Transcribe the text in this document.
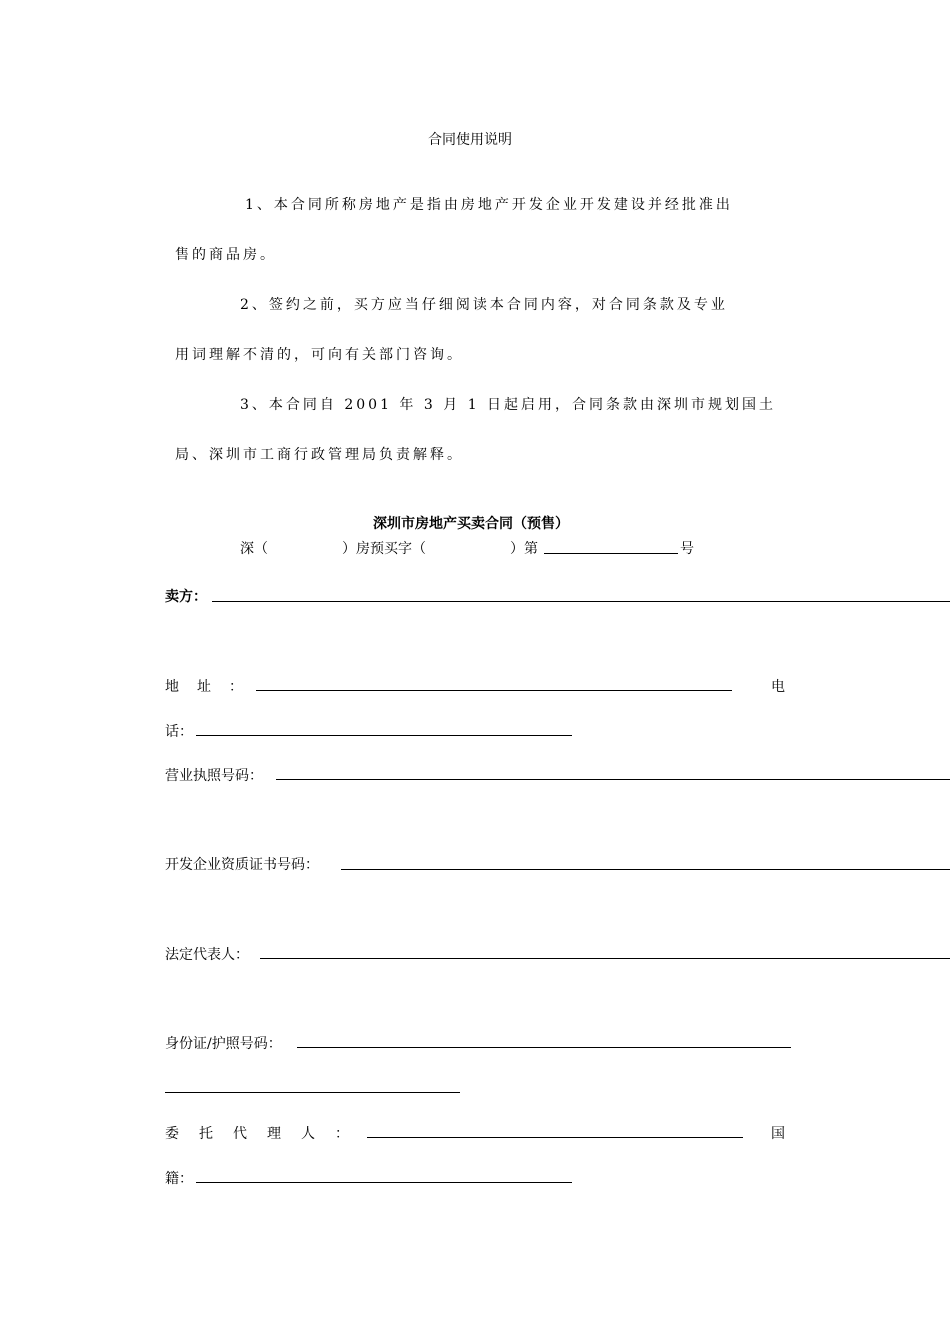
合同使用说明
1、本合同所称房地产是指由房地产开发企业开发建设并经批准出
售的商品房。
2、签约之前，买方应当仔细阅读本合同内容，对合同条款及专业
用词理解不清的，可向有关部门咨询。
3、本合同自 2001 年 3 月 1 日起启用，合同条款由深圳市规划国土
局、深圳市工商行政管理局负责解释。
深圳市房地产买卖合同（预售）
深（	）房预买字（	）第	号
卖方：
地　址　：	电
话：
营业执照号码：
开发企业资质证书号码：
法定代表人：
身份证/护照号码：
委　托　代　理　人　：	国
籍：
